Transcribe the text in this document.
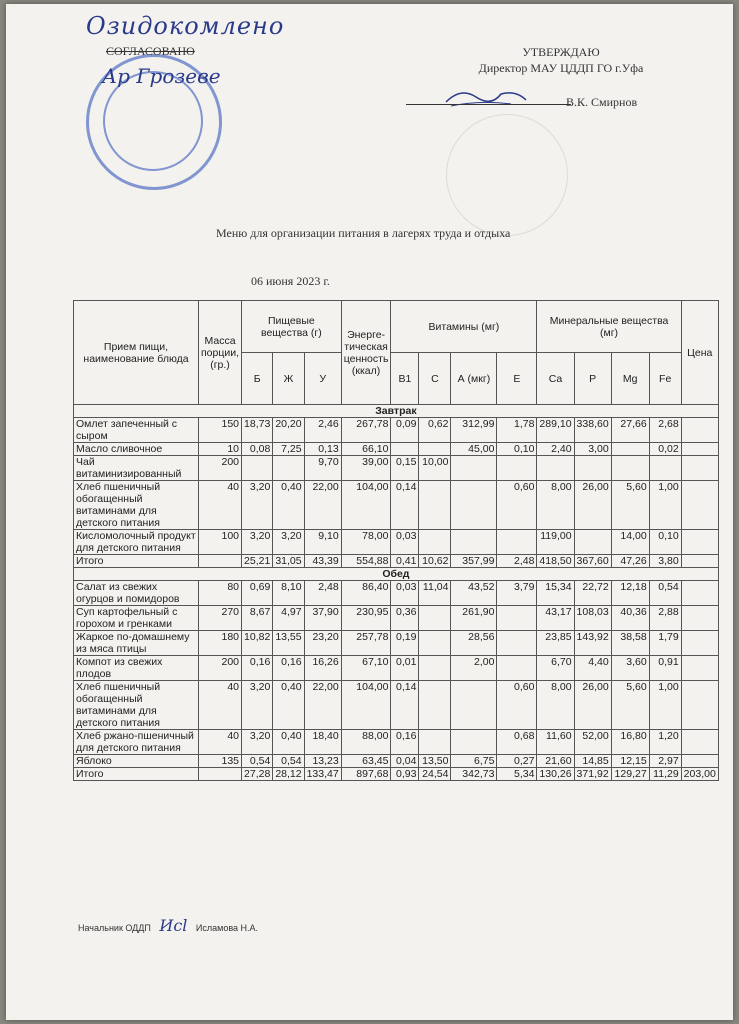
Озидокомлено
СОГЛАСОВАНО
Ар Грозеве
УТВЕРЖДАЮ
Директор МАУ ЦДДП ГО г.Уфа
В.К. Смирнов
Меню для организации питания в лагерях труда и отдыха
06 июня 2023 г.
Прием пищи, наименование блюда	Масса порции, (гр.)	Пищевые вещества (г)			Энерге-тическая ценность (ккал)	Витамины (мг)				Минеральные вещества (мг)				Цена
		Б	Ж	У		B1	C	А (мкг)	E	Ca	P	Mg	Fe	
Завтрак														
Омлет запеченный с сыром	150	18,73	20,20	2,46	267,78	0,09	0,62	312,99	1,78	289,10	338,60	27,66	2,68	
Масло сливочное	10	0,08	7,25	0,13	66,10			45,00	0,10	2,40	3,00		0,02	
Чай витаминизированный	200			9,70	39,00	0,15	10,00							
Хлеб пшеничный обогащенный витаминами для детского питания	40	3,20	0,40	22,00	104,00	0,14			0,60	8,00	26,00	5,60	1,00	
Кисломолочный продукт для детского питания	100	3,20	3,20	9,10	78,00	0,03				119,00		14,00	0,10	
Итого		25,21	31,05	43,39	554,88	0,41	10,62	357,99	2,48	418,50	367,60	47,26	3,80	
Обед														
Салат из свежих огурцов и помидоров	80	0,69	8,10	2,48	86,40	0,03	11,04	43,52	3,79	15,34	22,72	12,18	0,54	
Суп картофельный с горохом и гренками	270	8,67	4,97	37,90	230,95	0,36		261,90		43,17	108,03	40,36	2,88	
Жаркое по-домашнему из мяса птицы	180	10,82	13,55	23,20	257,78	0,19		28,56		23,85	143,92	38,58	1,79	
Компот из свежих плодов	200	0,16	0,16	16,26	67,10	0,01		2,00		6,70	4,40	3,60	0,91	
Хлеб пшеничный обогащенный витаминами для детского питания	40	3,20	0,40	22,00	104,00	0,14			0,60	8,00	26,00	5,60	1,00	
Хлеб ржано-пшеничный для детского питания	40	3,20	0,40	18,40	88,00	0,16			0,68	11,60	52,00	16,80	1,20	
Яблоко	135	0,54	0,54	13,23	63,45	0,04	13,50	6,75	0,27	21,60	14,85	12,15	2,97	
Итого		27,28	28,12	133,47	897,68	0,93	24,54	342,73	5,34	130,26	371,92	129,27	11,29	203,00
Начальник ОДДП Иcl Исламова Н.А.
